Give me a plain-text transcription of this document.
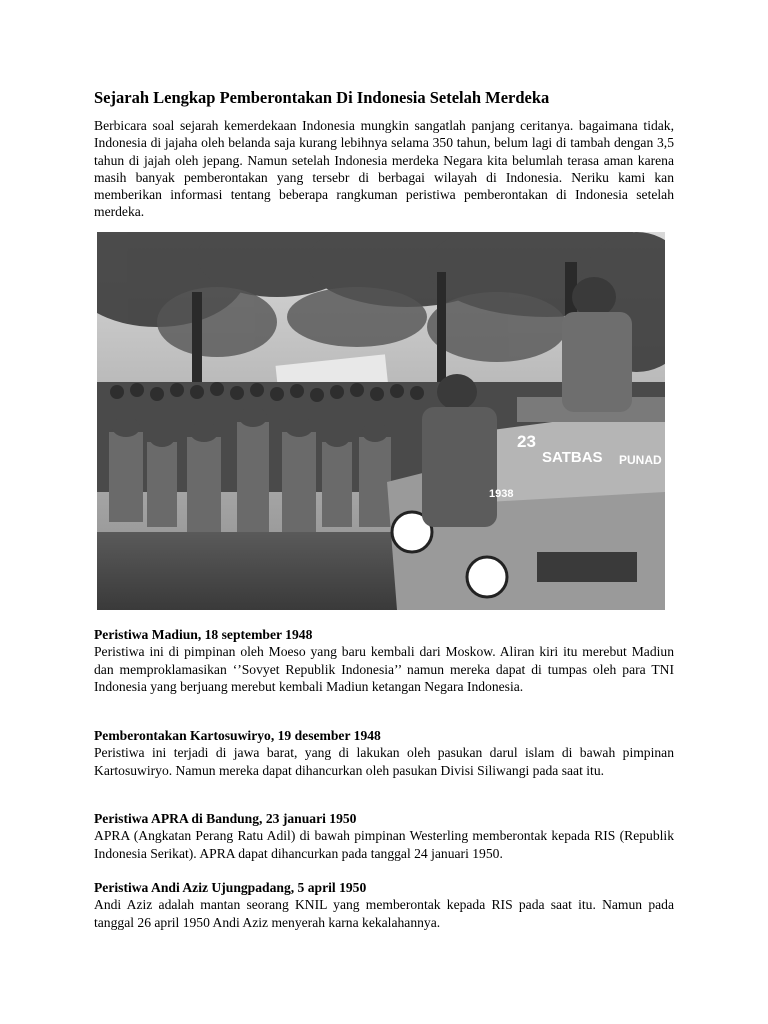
Sejarah Lengkap Pemberontakan Di Indonesia Setelah Merdeka

Berbicara soal sejarah kemerdekaan Indonesia mungkin sangatlah panjang ceritanya. bagaimana tidak, Indonesia di jajaha oleh belanda saja kurang lebihnya selama 350 tahun, belum lagi di tambah dengan 3,5 tahun di jajah oleh jepang. Namun setelah Indonesia merdeka Negara kita belumlah terasa aman karena masih banyak pemberontakan yang tersebr di berbagai wilayah di Indonesia. Neriku kami kan memberikan informasi tentang beberapa rangkuman peristiwa pemberontakan di Indonesia setelah merdeka.

23
SATBAS PUNAD
1938
Peristiwa Madiun, 18 september 1948

Peristiwa ini di pimpinan oleh Moeso yang baru kembali dari Moskow. Aliran kiri itu merebut Madiun dan memproklamasikan ‘’Sovyet Republik Indonesia’’ namun mereka dapat di tumpas oleh para TNI Indonesia yang berjuang merebut kembali Madiun ketangan Negara Indonesia.

Pemberontakan Kartosuwiryo, 19 desember 1948

Peristiwa ini terjadi di jawa barat, yang di lakukan oleh pasukan darul islam di bawah pimpinan Kartosuwiryo. Namun mereka dapat dihancurkan oleh pasukan Divisi Siliwangi pada saat itu.

Peristiwa APRA di Bandung, 23 januari 1950

APRA (Angkatan Perang Ratu Adil) di bawah pimpinan Westerling memberontak kepada RIS (Republik Indonesia Serikat). APRA dapat dihancurkan pada tanggal 24 januari 1950.

Peristiwa Andi Aziz Ujungpadang, 5 april 1950

Andi Aziz adalah mantan seorang KNIL yang memberontak kepada RIS pada saat itu. Namun pada tanggal 26 april 1950 Andi Aziz menyerah karna kekalahannya.
